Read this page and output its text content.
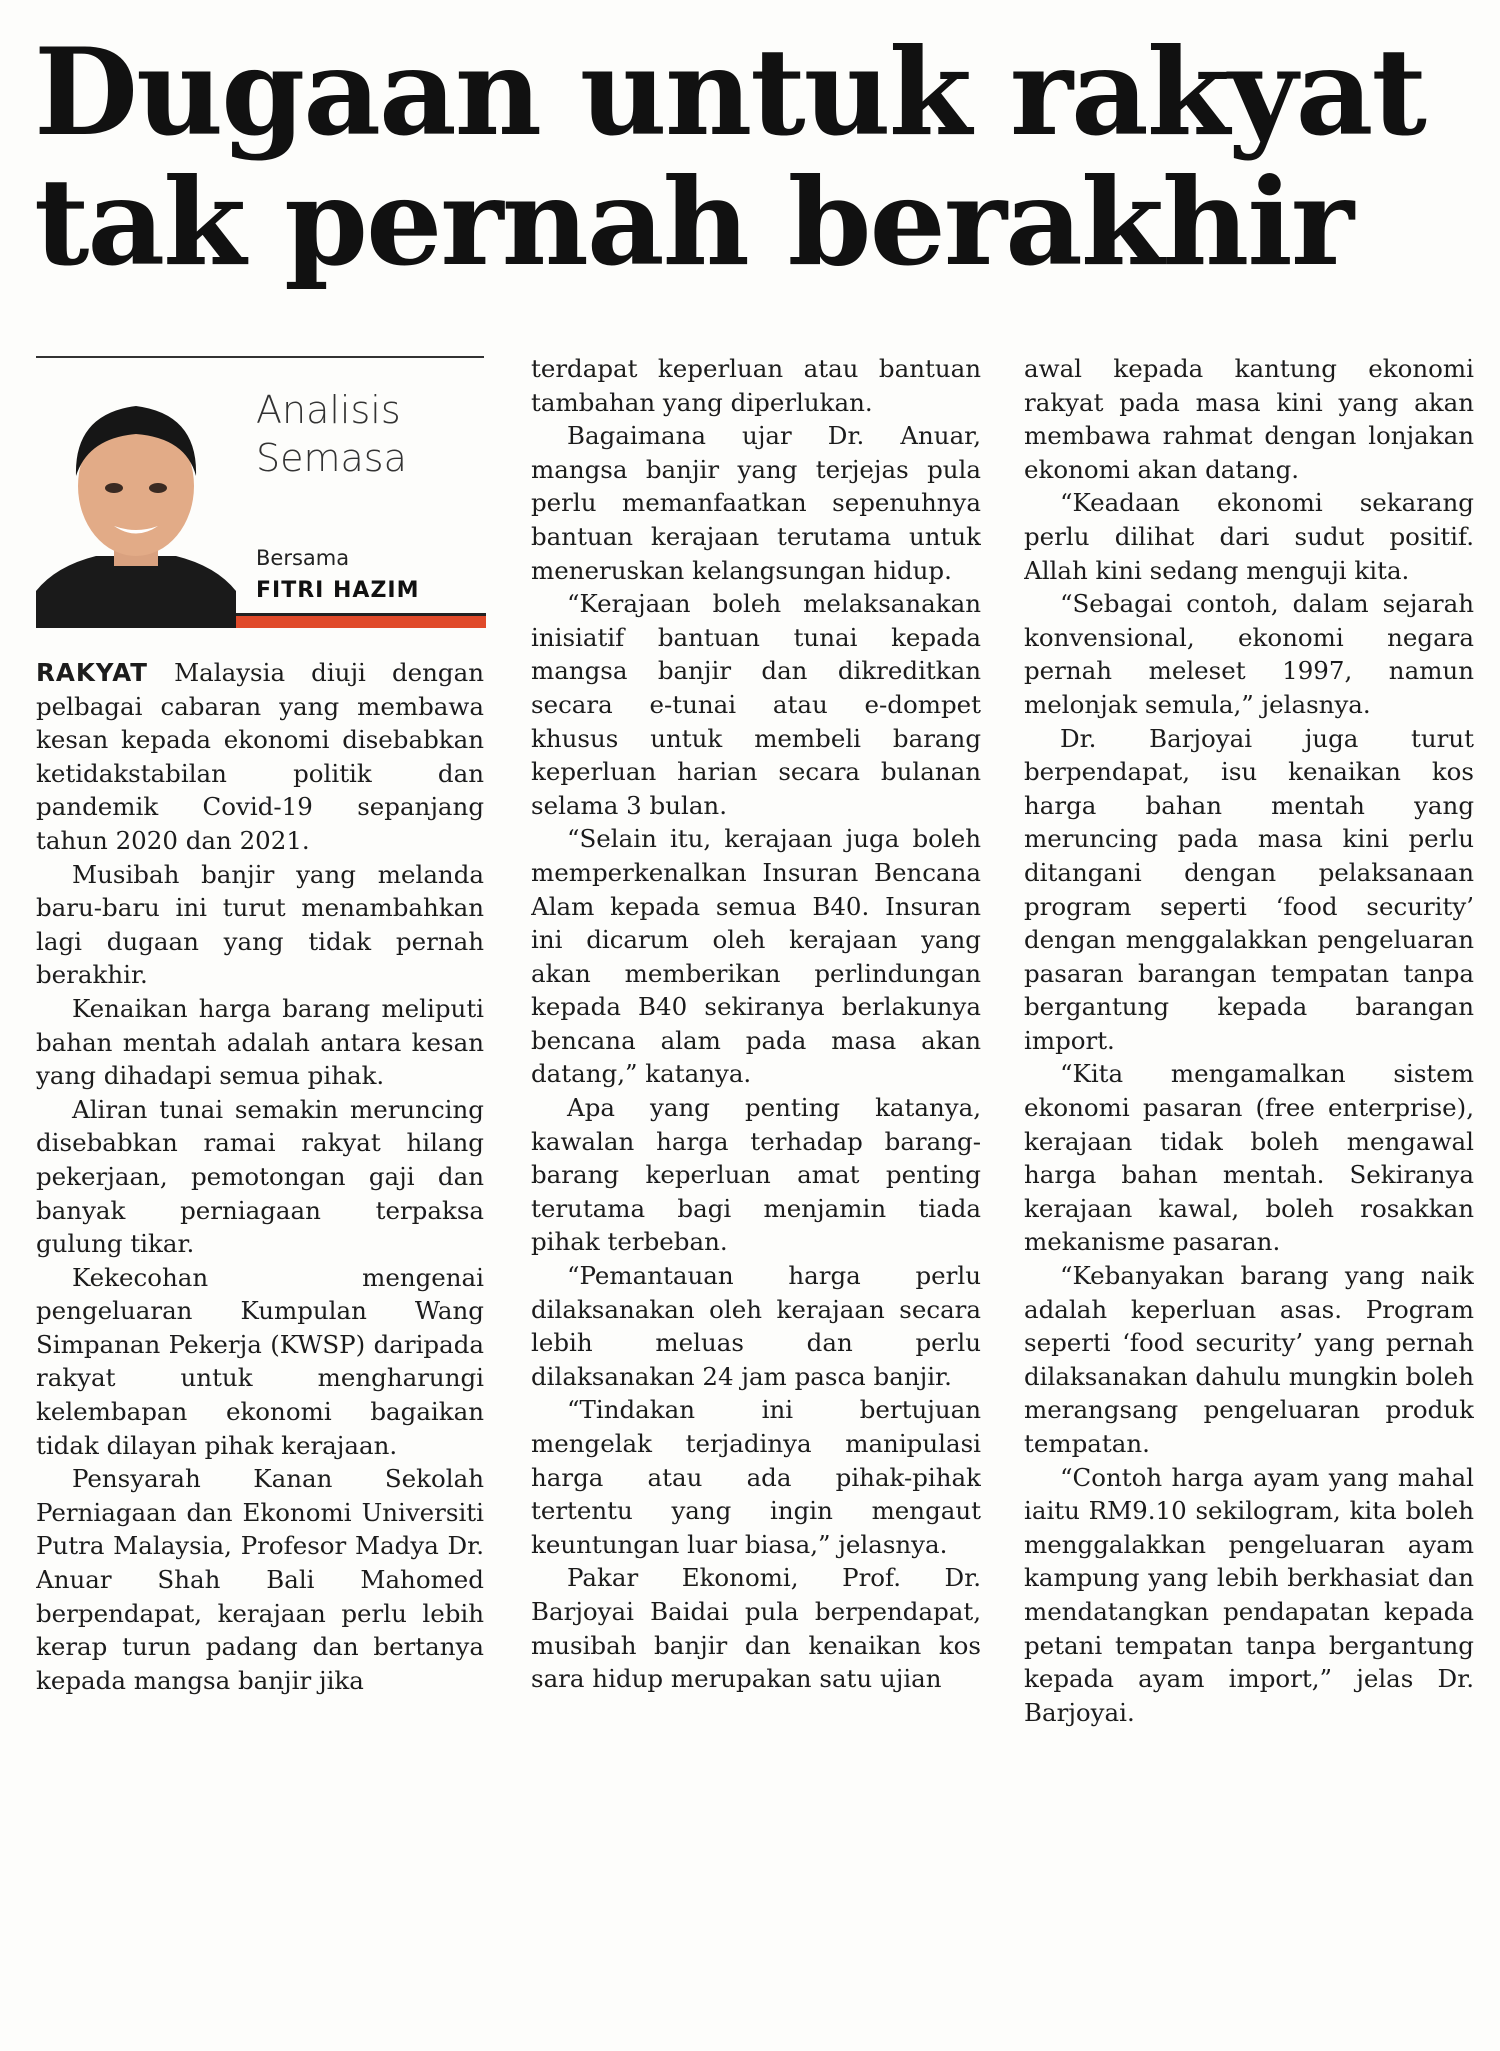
Dugaan untuk rakyat
tak pernah berakhir
Analisis
Semasa
Bersama
FITRI HAZIM

RAKYAT Malaysia diuji dengan pelbagai cabaran yang membawa kesan kepada ekonomi disebabkan ketidakstabilan politik dan pandemik Covid-19 sepanjang tahun 2020 dan 2021.

Musibah banjir yang melanda baru-baru ini turut menambahkan lagi dugaan yang tidak pernah berakhir.

Kenaikan harga barang meliputi bahan mentah adalah antara kesan yang dihadapi semua pihak.

Aliran tunai semakin meruncing disebabkan ramai rakyat hilang pekerjaan, pemotongan gaji dan banyak perniagaan terpaksa gulung tikar.

Kekecohan mengenai pengeluaran Kumpulan Wang Simpanan Pekerja (KWSP) daripada rakyat untuk mengharungi kelembapan ekonomi bagaikan tidak dilayan pihak kerajaan.

Pensyarah Kanan Sekolah Perniagaan dan Ekonomi Universiti Putra Malaysia, Profesor Madya Dr. Anuar Shah Bali Mahomed berpendapat, kerajaan perlu lebih kerap turun padang dan bertanya kepada mangsa banjir jika

terdapat keperluan atau bantuan tambahan yang diperlukan.

Bagaimana ujar Dr. Anuar, mangsa banjir yang terjejas pula perlu memanfaatkan sepenuhnya bantuan kerajaan terutama untuk meneruskan kelangsungan hidup.

“Kerajaan boleh melaksanakan inisiatif bantuan tunai kepada mangsa banjir dan dikreditkan secara e-tunai atau e-dompet khusus untuk membeli barang keperluan harian secara bulanan selama 3 bulan.

“Selain itu, kerajaan juga boleh memperkenalkan Insuran Bencana Alam kepada semua B40. Insuran ini dicarum oleh kerajaan yang akan memberikan perlindungan kepada B40 sekiranya berlakunya bencana alam pada masa akan datang,” katanya.

Apa yang penting katanya, kawalan harga terhadap barang-barang keperluan amat penting terutama bagi menjamin tiada pihak terbeban.

“Pemantauan harga perlu dilaksanakan oleh kerajaan secara lebih meluas dan perlu dilaksanakan 24 jam pasca banjir.

“Tindakan ini bertujuan mengelak terjadinya manipulasi harga atau ada pihak-pihak tertentu yang ingin mengaut keuntungan luar biasa,” jelasnya.

Pakar Ekonomi, Prof. Dr. Barjoyai Baidai pula berpendapat, musibah banjir dan kenaikan kos sara hidup merupakan satu ujian

awal kepada kantung ekonomi rakyat pada masa kini yang akan membawa rahmat dengan lonjakan ekonomi akan datang.

“Keadaan ekonomi sekarang perlu dilihat dari sudut positif. Allah kini sedang menguji kita.

“Sebagai contoh, dalam sejarah konvensional, ekonomi negara pernah meleset 1997, namun melonjak semula,” jelasnya.

Dr. Barjoyai juga turut berpendapat, isu kenaikan kos harga bahan mentah yang meruncing pada masa kini perlu ditangani dengan pelaksanaan program seperti ‘food security’ dengan menggalakkan pengeluaran pasaran barangan tempatan tanpa bergantung kepada barangan import.

“Kita mengamalkan sistem ekonomi pasaran (free enterprise), kerajaan tidak boleh mengawal harga bahan mentah. Sekiranya kerajaan kawal, boleh rosakkan mekanisme pasaran.

“Kebanyakan barang yang naik adalah keperluan asas. Program seperti ‘food security’ yang pernah dilaksanakan dahulu mungkin boleh merangsang pengeluaran produk tempatan.

“Contoh harga ayam yang mahal iaitu RM9.10 sekilogram, kita boleh menggalakkan pengeluaran ayam kampung yang lebih berkhasiat dan mendatangkan pendapatan kepada petani tempatan tanpa bergantung kepada ayam import,” jelas Dr. Barjoyai.
